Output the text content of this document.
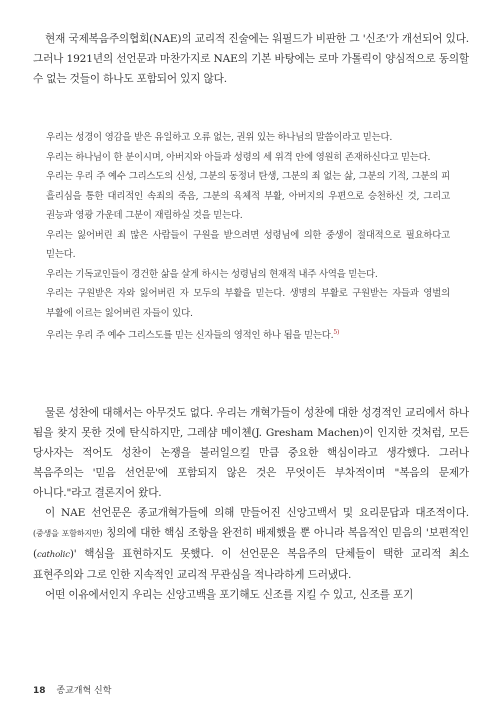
현재 국제복음주의협회(NAE)의 교리적 진술에는 워필드가 비판한 그 '신조'가 개선되어 있다. 그러나 1921년의 선언문과 마찬가지로 NAE의 기본 바탕에는 로마 가톨릭이 양심적으로 동의할 수 없는 것들이 하나도 포함되어 있지 않다.

우리는 성경이 영감을 받은 유일하고 오류 없는, 권위 있는 하나님의 말씀이라고 믿는다.

우리는 하나님이 한 분이시며, 아버지와 아들과 성령의 세 위격 안에 영원히 존재하신다고 믿는다.

우리는 우리 주 예수 그리스도의 신성, 그분의 동정녀 탄생, 그분의 죄 없는 삶, 그분의 기적, 그분의 피 흘리심을 통한 대리적인 속죄의 죽음, 그분의 육체적 부활, 아버지의 우편으로 승천하신 것, 그리고 권능과 영광 가운데 그분이 재림하실 것을 믿는다.

우리는 잃어버린 죄 많은 사람들이 구원을 받으려면 성령님에 의한 중생이 절대적으로 필요하다고 믿는다.

우리는 기독교인들이 경건한 삶을 살게 하시는 성령님의 현재적 내주 사역을 믿는다.

우리는 구원받은 자와 잃어버린 자 모두의 부활을 믿는다. 생명의 부활로 구원받는 자들과 영벌의 부활에 이르는 잃어버린 자들이 있다.

우리는 우리 주 예수 그리스도를 믿는 신자들의 영적인 하나 됨을 믿는다.$^{5)}$

물론 성찬에 대해서는 아무것도 없다. 우리는 개혁가들이 성찬에 대한 성경적인 교리에서 하나 됨을 찾지 못한 것에 탄식하지만, 그레샴 메이첸(J. Gresham Machen)이 인지한 것처럼, 모든 당사자는 적어도 성찬이 논쟁을 불러일으킬 만큼 중요한 핵심이라고 생각했다. 그러나 복음주의는 '믿음 선언문'에 포함되지 않은 것은 무엇이든 부차적이며 "복음의 문제가 아니다."라고 결론지어 왔다.

이 NAE 선언문은 종교개혁가들에 의해 만들어진 신앙고백서 및 요리문답과 대조적이다. (중생을 포함하지만) 칭의에 대한 핵심 조항을 완전히 배제했을 뿐 아니라 복음적인 믿음의 '보편적인(catholic)' 핵심을 표현하지도 못했다. 이 선언문은 복음주의 단체들이 택한 교리적 최소 표현주의와 그로 인한 지속적인 교리적 무관심을 적나라하게 드러냈다.

어떤 이유에서인지 우리는 신앙고백을 포기해도 신조를 지킬 수 있고, 신조를 포기

18 종교개혁 신학
